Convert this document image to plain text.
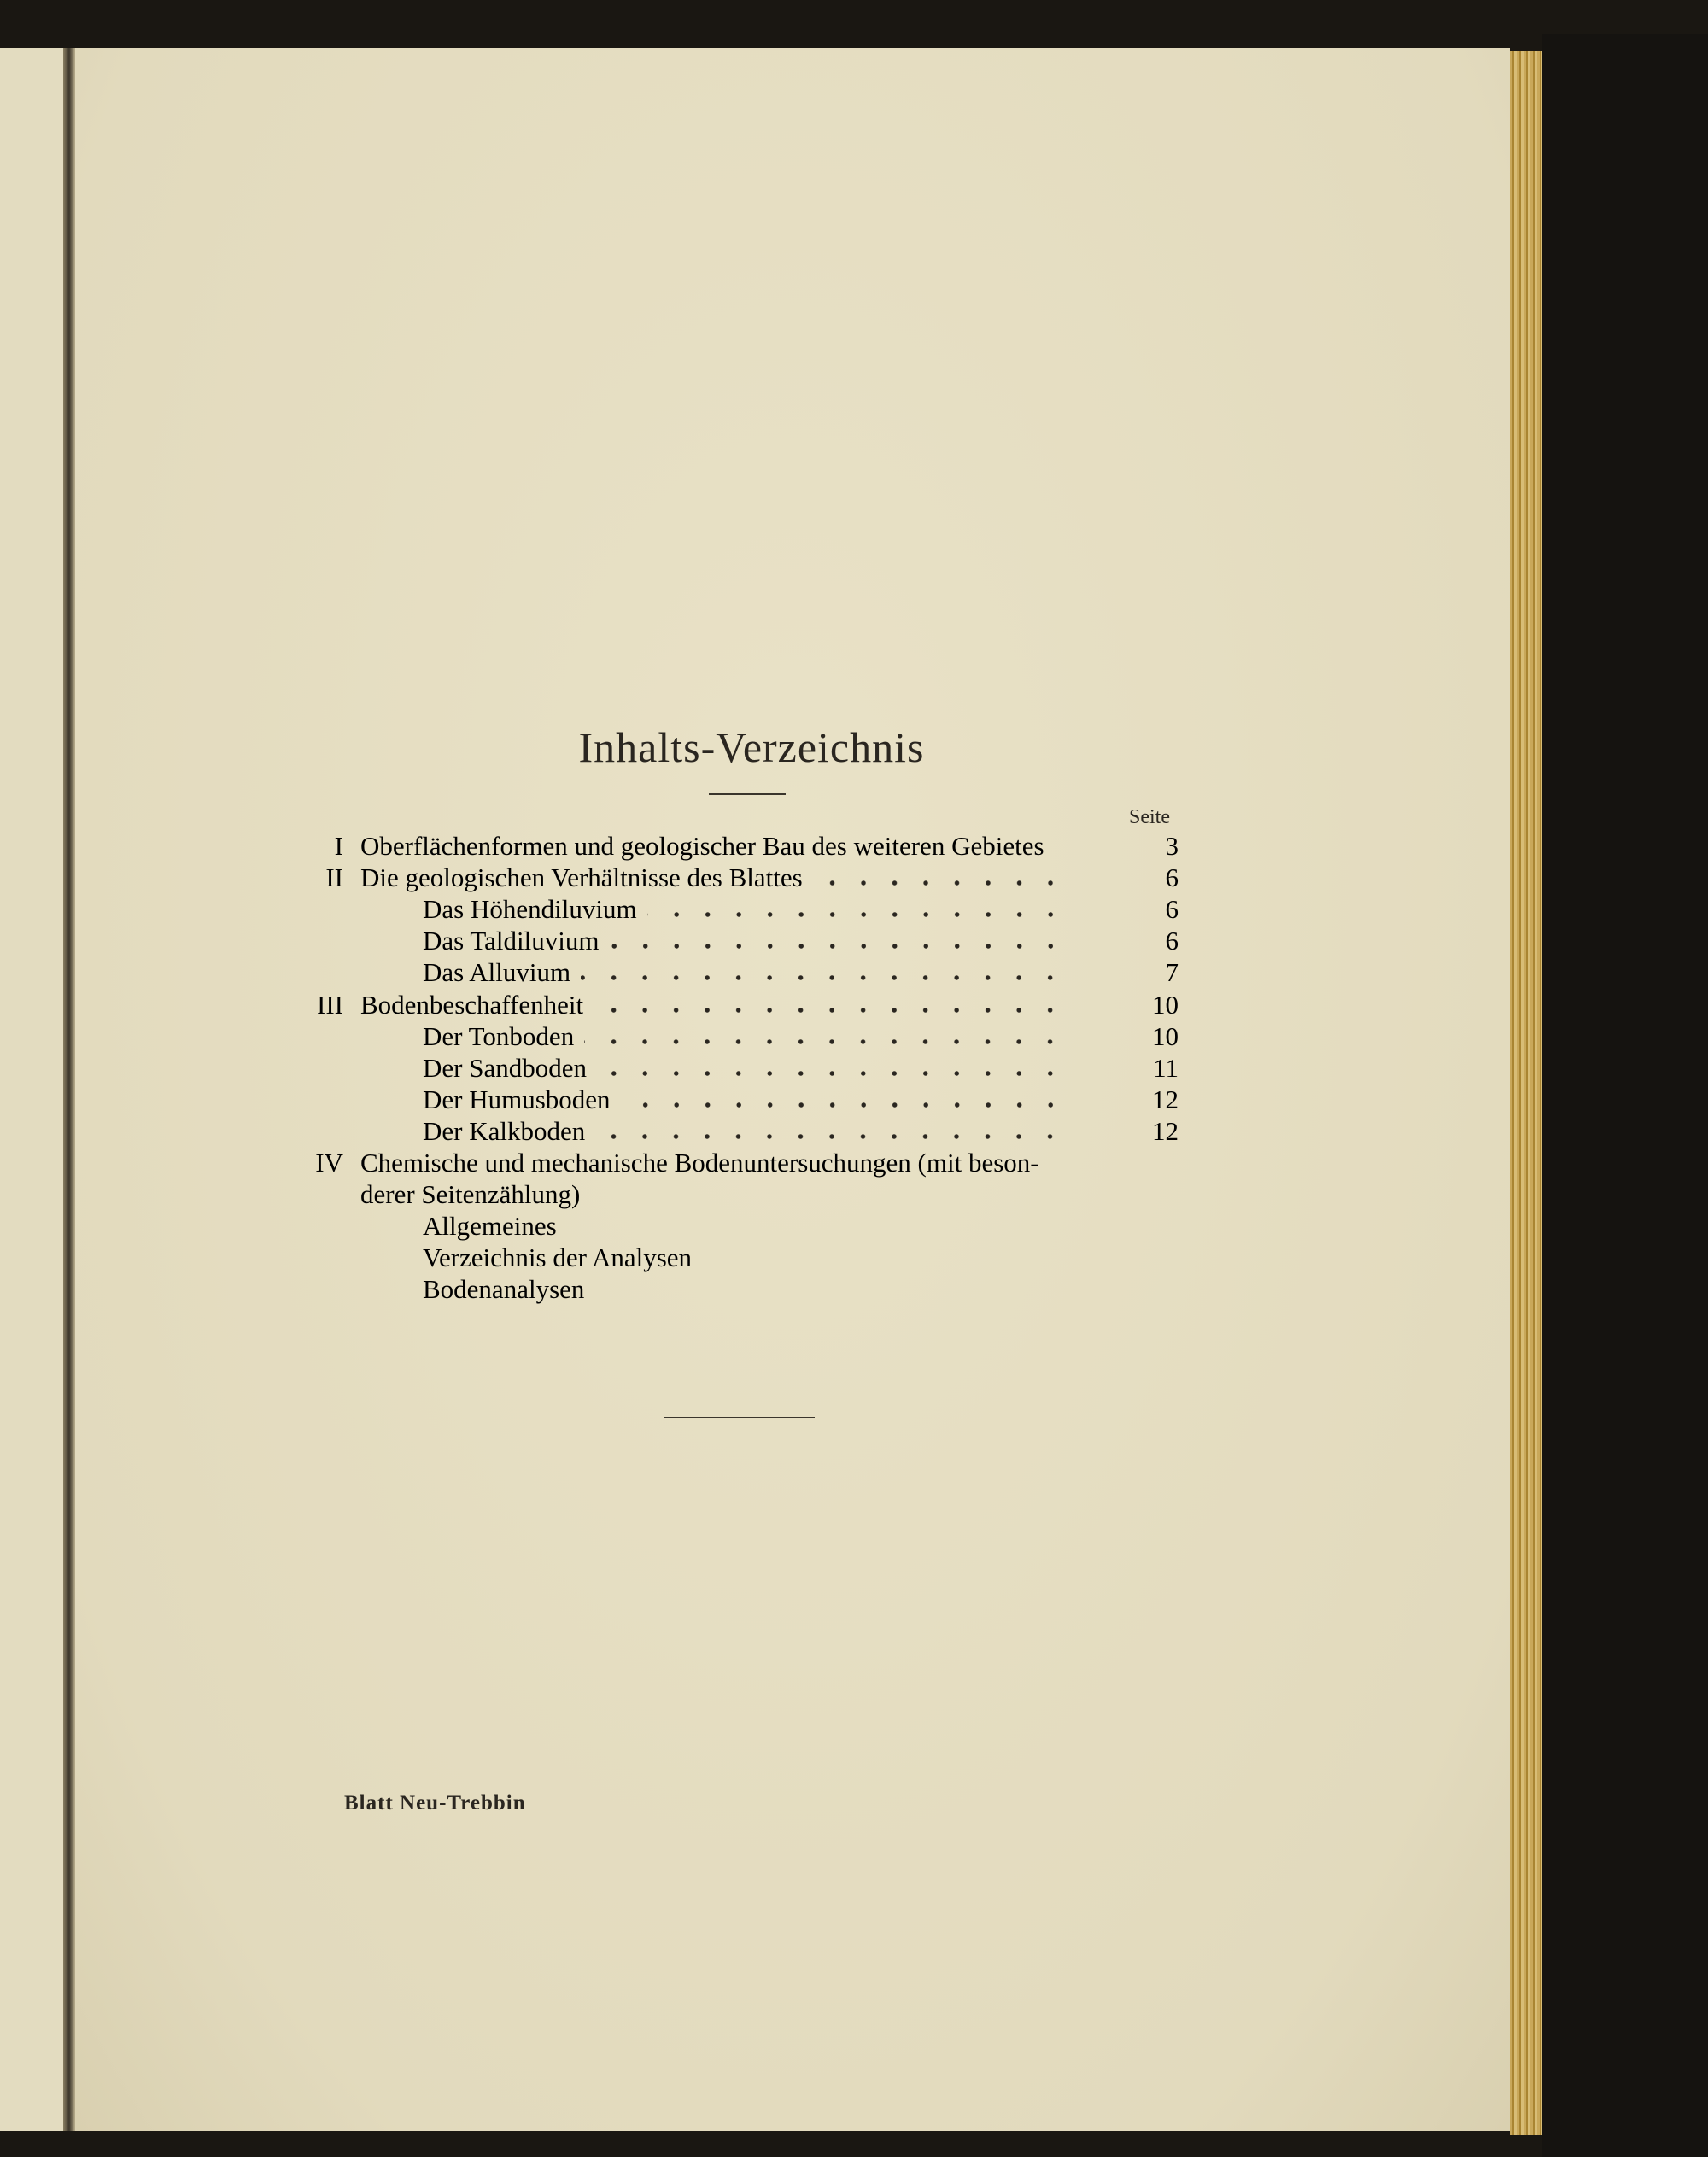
Inhalts-Verzeichnis
Seite
I Oberflächenformen und geologischer Bau des weiteren Gebietes	3
II Die geologischen Verhältnisse des Blattes	6
Das Höhendiluvium	6
Das Taldiluvium	6
Das Alluvium	7
III Bodenbeschaffenheit	10
Der Tonboden	10
Der Sandboden	11
Der Humusboden	12
Der Kalkboden	12
IV Chemische und mechanische Bodenuntersuchungen (mit beson-
derer Seitenzählung)
Allgemeines
Verzeichnis der Analysen
Bodenanalysen
Blatt Neu-Trebbin
